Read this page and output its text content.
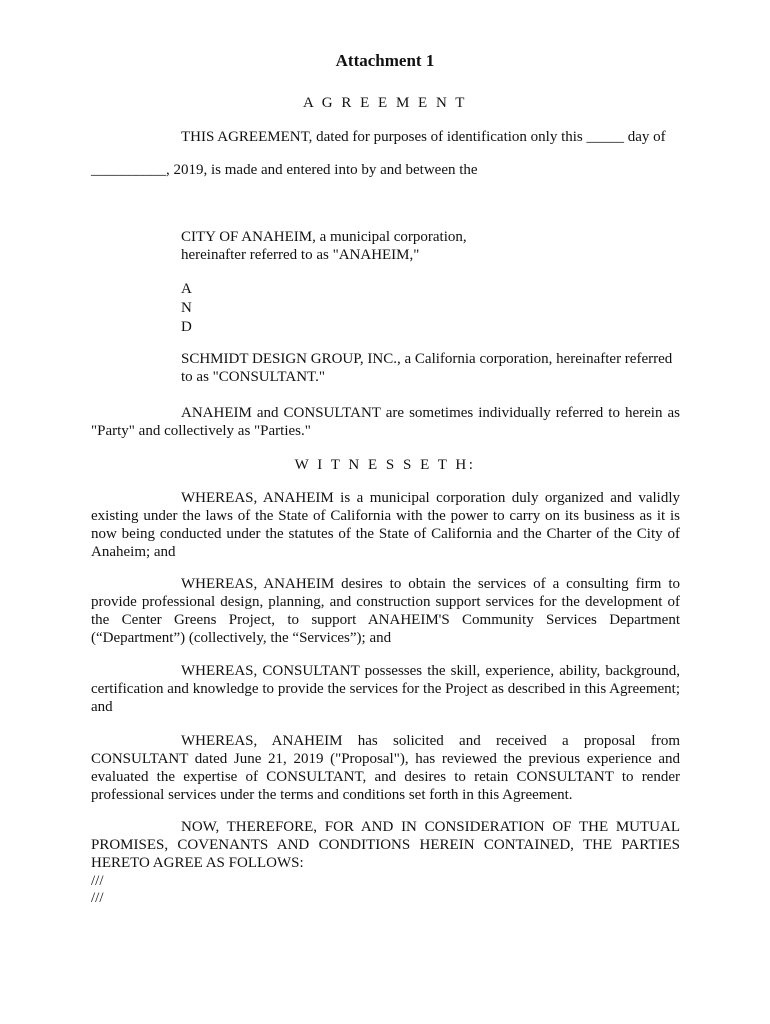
Attachment 1
A G R E E M E N T
THIS AGREEMENT, dated for purposes of identification only this _____ day of
__________, 2019, is made and entered into by and between the
CITY OF ANAHEIM, a municipal corporation,
hereinafter referred to as "ANAHEIM,"
A
N
D
SCHMIDT DESIGN GROUP, INC., a California corporation, hereinafter referred
to as "CONSULTANT."
ANAHEIM and CONSULTANT are sometimes individually referred to herein as "Party" and collectively as "Parties."
W I T N E S S E T H:
WHEREAS, ANAHEIM is a municipal corporation duly organized and validly existing under the laws of the State of California with the power to carry on its business as it is now being conducted under the statutes of the State of California and the Charter of the City of Anaheim; and
WHEREAS, ANAHEIM desires to obtain the services of a consulting firm to provide professional design, planning, and construction support services for the development of the Center Greens Project, to support ANAHEIM'S Community Services Department (“Department”) (collectively, the “Services”); and
WHEREAS, CONSULTANT possesses the skill, experience, ability, background, certification and knowledge to provide the services for the Project as described in this Agreement; and
WHEREAS, ANAHEIM has solicited and received a proposal from CONSULTANT dated June 21, 2019 ("Proposal"), has reviewed the previous experience and evaluated the expertise of CONSULTANT, and desires to retain CONSULTANT to render professional services under the terms and conditions set forth in this Agreement.
NOW, THEREFORE, FOR AND IN CONSIDERATION OF THE MUTUAL PROMISES, COVENANTS AND CONDITIONS HEREIN CONTAINED, THE PARTIES HERETO AGREE AS FOLLOWS:
///
///
